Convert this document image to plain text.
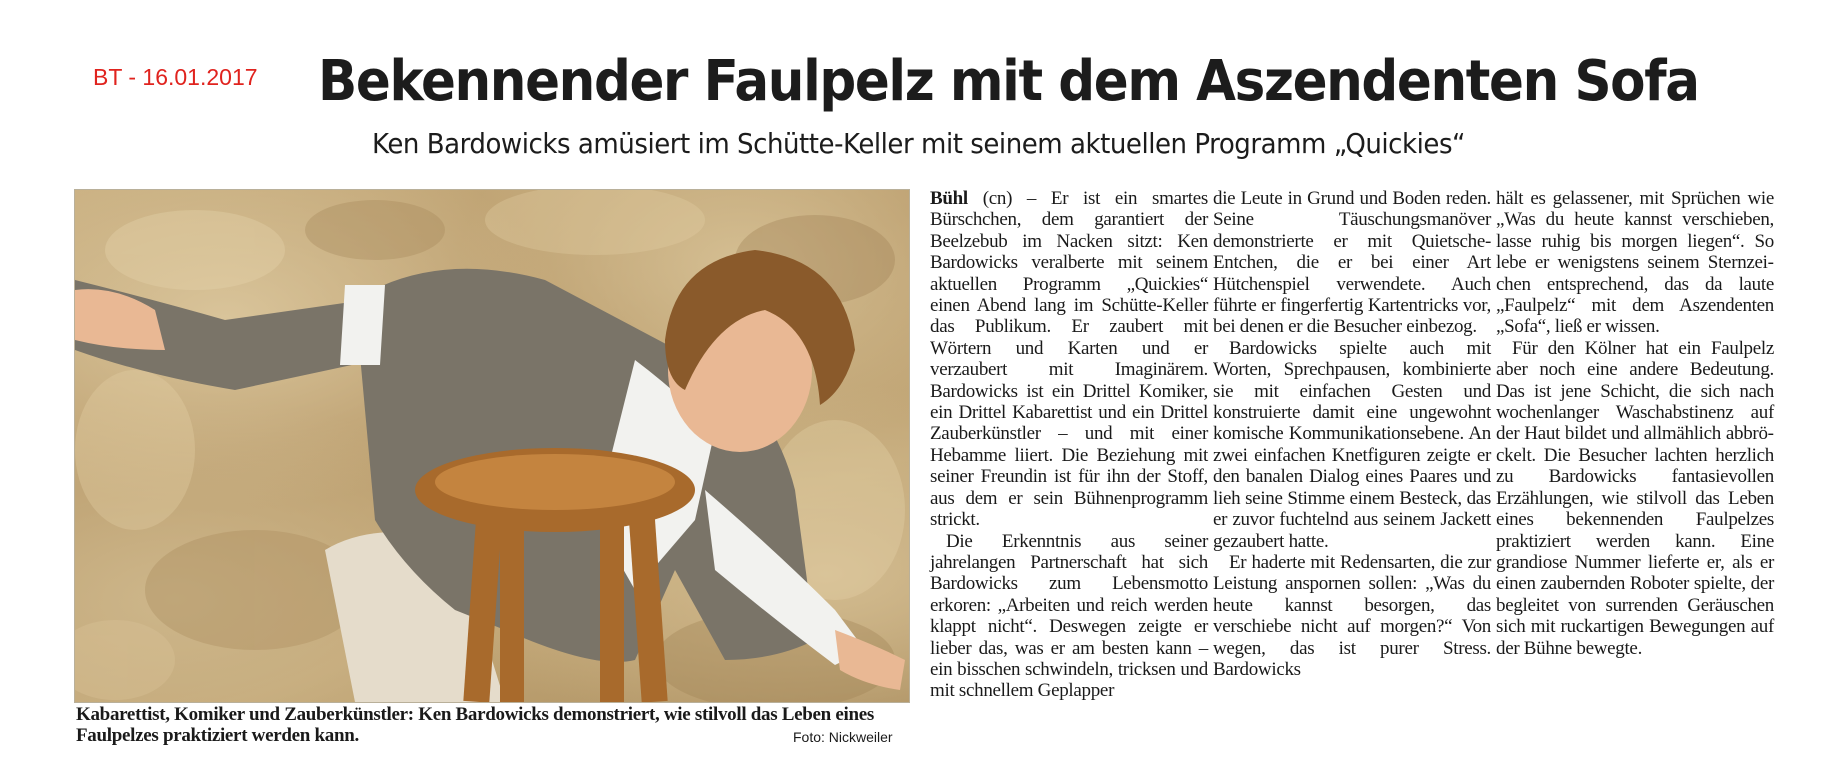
BT - 16.01.2017 Bekennender Faulpelz mit dem Aszendenten Sofa
Ken Bardowicks amüsiert im Schütte-Keller mit seinem aktuellen Programm „Quickies“

Kabarettist, Komiker und Zauberkünstler: Ken Bardowicks demonstriert, wie stilvoll das Leben eines Faulpelzes praktiziert werden kann.	Foto: Nickweiler

Bühl (cn) – Er ist ein smartes Bürschchen, dem garantiert der Beelzebub im Nacken sitzt: Ken Bardowicks veralberte mit seinem aktuellen Programm „Quickies“ einen Abend lang im Schütte-Keller das Publikum. Er zaubert mit Wörtern und Karten und er verzaubert mit Imaginärem. Bardowicks ist ein Drittel Komiker, ein Drittel Kabarettist und ein Drittel Zauberkünstler – und mit einer Hebamme liiert. Die Beziehung mit seiner Freundin ist für ihn der Stoff, aus dem er sein Bühnenprogramm strickt.

Die Erkenntnis aus seiner jahrelangen Partnerschaft hat sich Bardowicks zum Lebensmotto erkoren: „Arbeiten und reich werden klappt nicht“. Deswegen zeigte er lieber das, was er am besten kann – ein bisschen schwindeln, tricksen und mit schnellem Geplapper

die Leute in Grund und Boden reden. Seine Täuschungsmanöver demonstrierte er mit Quietsche-Entchen, die er bei einer Art Hütchenspiel verwendete. Auch führte er fingerfertig Kartentricks vor, bei denen er die Besucher einbezog.

Bardowicks spielte auch mit Worten, Sprechpausen, kombinierte sie mit einfachen Gesten und konstruierte damit eine ungewohnt komische Kommunikationsebene. An zwei einfachen Knetfiguren zeigte er den banalen Dialog eines Paares und lieh seine Stimme einem Besteck, das er zuvor fuchtelnd aus seinem Jackett gezaubert hatte.

Er haderte mit Redensarten, die zur Leistung anspornen sollen: „Was du heute kannst besorgen, das verschiebe nicht auf morgen?“ Von wegen, das ist purer Stress. Bardowicks

hält es gelassener, mit Sprüchen wie „Was du heute kannst verschieben, lasse ruhig bis morgen liegen“. So lebe er wenigstens seinem Sternzeichen entsprechend, das da laute „Faulpelz“ mit dem Aszendenten „Sofa“, ließ er wissen.

Für den Kölner hat ein Faulpelz aber noch eine andere Bedeutung. Das ist jene Schicht, die sich nach wochenlanger Waschabstinenz auf der Haut bildet und allmählich abbröckelt. Die Besucher lachten herzlich zu Bardowicks fantasievollen Erzählungen, wie stilvoll das Leben eines bekennenden Faulpelzes praktiziert werden kann. Eine grandiose Nummer lieferte er, als er einen zaubernden Roboter spielte, der begleitet von surrenden Geräuschen sich mit ruckartigen Bewegungen auf der Bühne bewegte.
